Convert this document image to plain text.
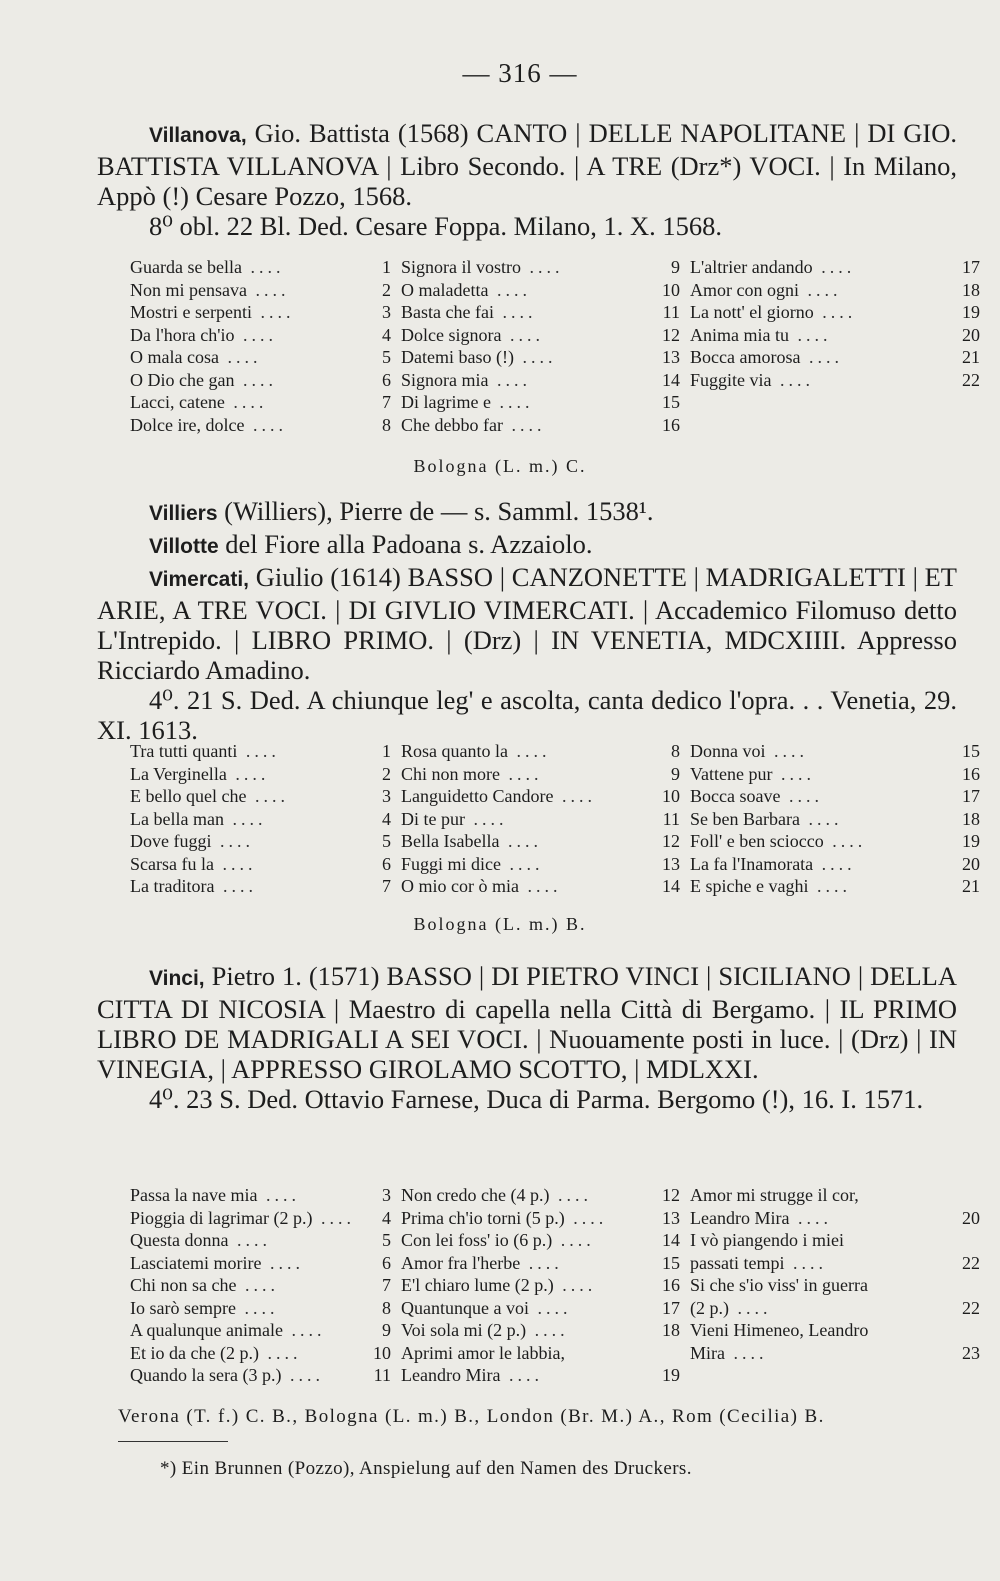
— 316 —

Villanova, Gio. Battista (1568) CANTO | DELLE NAPOLITANE | DI GIO. BATTISTA VILLANOVA | Libro Secondo. | A TRE (Drz*) VOCI. | In Milano, Appò (!) Cesare Pozzo, 1568.

8⁰ obl. 22 Bl. Ded. Cesare Foppa. Milano, 1. X. 1568.

Guarda se bella ....	1	Signora il vostro ....	9	L'altrier andando ....	17
Non mi pensava ....	2	O maladetta ....	10	Amor con ogni ....	18
Mostri e serpenti ....	3	Basta che fai ....	11	La nott' el giorno ....	19
Da l'hora ch'io ....	4	Dolce signora ....	12	Anima mia tu ....	20
O mala cosa ....	5	Datemi baso (!) ....	13	Bocca amorosa ....	21
O Dio che gan ....	6	Signora mia ....	14	Fuggite via ....	22
Lacci, catene ....	7	Di lagrime e ....	15		
Dolce ire, dolce ....	8	Che debbo far ....	16		
Bologna (L. m.) C.

Villiers (Williers), Pierre de — s. Samml. 1538¹.

Villotte del Fiore alla Padoana s. Azzaiolo.

Vimercati, Giulio (1614) BASSO | CANZONETTE | MADRIGALETTI | ET ARIE, A TRE VOCI. | DI GIVLIO VIMERCATI. | Accademico Filomuso detto L'Intrepido. | LIBRO PRIMO. | (Drz) | IN VENETIA, MDCXIIII. Appresso Ricciardo Amadino.

4⁰. 21 S. Ded. A chiunque leg' e ascolta, canta dedico l'opra. . . Venetia, 29. XI. 1613.

Tra tutti quanti ....	1	Rosa quanto la ....	8	Donna voi ....	15
La Verginella ....	2	Chi non more ....	9	Vattene pur ....	16
E bello quel che ....	3	Languidetto Candore ....	10	Bocca soave ....	17
La bella man ....	4	Di te pur ....	11	Se ben Barbara ....	18
Dove fuggi ....	5	Bella Isabella ....	12	Foll' e ben sciocco ....	19
Scarsa fu la ....	6	Fuggi mi dice ....	13	La fa l'Inamorata ....	20
La traditora ....	7	O mio cor ò mia ....	14	E spiche e vaghi ....	21
Bologna (L. m.) B.

Vinci, Pietro 1. (1571) BASSO | DI PIETRO VINCI | SICILIANO | DELLA CITTA DI NICOSIA | Maestro di capella nella Città di Bergamo. | IL PRIMO LIBRO DE MADRIGALI A SEI VOCI. | Nuouamente posti in luce. | (Drz) | IN VINEGIA, | APPRESSO GIROLAMO SCOTTO, | MDLXXI.

4⁰. 23 S. Ded. Ottavio Farnese, Duca di Parma. Bergomo (!), 16. I. 1571.

Passa la nave mia ....	3	Non credo che (4 p.) ....	12	Amor mi strugge il cor,	
Pioggia di lagrimar (2 p.) ....	4	Prima ch'io torni (5 p.) ....	13	Leandro Mira ....	20
Questa donna ....	5	Con lei foss' io (6 p.) ....	14	I vò piangendo i miei	
Lasciatemi morire ....	6	Amor fra l'herbe ....	15	passati tempi ....	22
Chi non sa che ....	7	E'l chiaro lume (2 p.) ....	16	Si che s'io viss' in guerra	
Io sarò sempre ....	8	Quantunque a voi ....	17	(2 p.) ....	22
A qualunque animale ....	9	Voi sola mi (2 p.) ....	18	Vieni Himeneo, Leandro	
Et io da che (2 p.) ....	10	Aprimi amor le labbia,		Mira ....	23
Quando la sera (3 p.) ....	11	Leandro Mira ....	19		
Verona (T. f.) C. B., Bologna (L. m.) B., London (Br. M.) A., Rom (Cecilia) B.
*) Ein Brunnen (Pozzo), Anspielung auf den Namen des Druckers.
